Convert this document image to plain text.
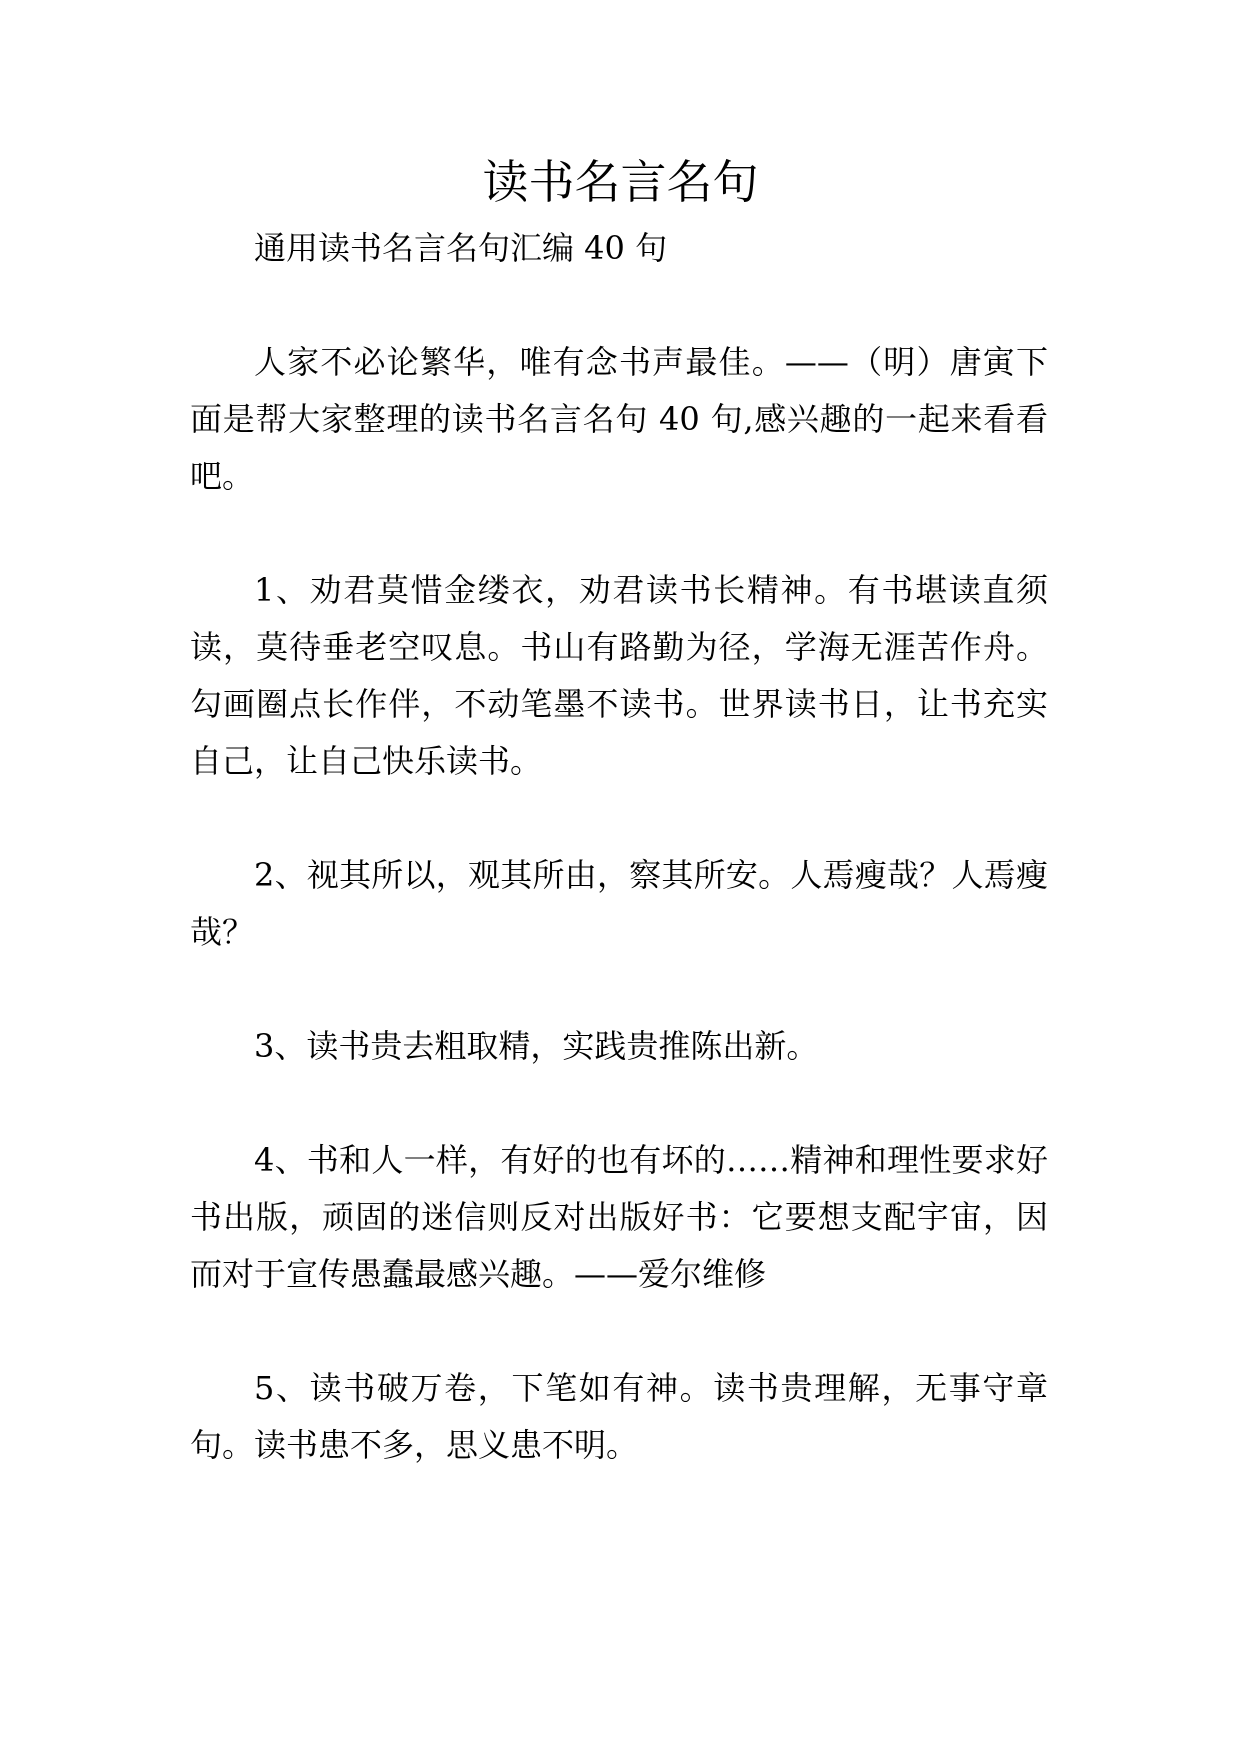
读书名言名句

通用读书名言名句汇编 40 句

人家不必论繁华，唯有念书声最佳。——（明）唐寅下面是帮大家整理的读书名言名句 40 句,感兴趣的一起来看看吧。

1、劝君莫惜金缕衣，劝君读书长精神。有书堪读直须读，莫待垂老空叹息。书山有路勤为径，学海无涯苦作舟。勾画圈点长作伴，不动笔墨不读书。世界读书日，让书充实自己，让自己快乐读书。

2、视其所以，观其所由，察其所安。人焉瘦哉？人焉瘦哉？

3、读书贵去粗取精，实践贵推陈出新。

4、书和人一样，有好的也有坏的……精神和理性要求好书出版，顽固的迷信则反对出版好书：它要想支配宇宙，因而对于宣传愚蠢最感兴趣。——爱尔维修

5、读书破万卷，下笔如有神。读书贵理解，无事守章句。读书患不多，思义患不明。
